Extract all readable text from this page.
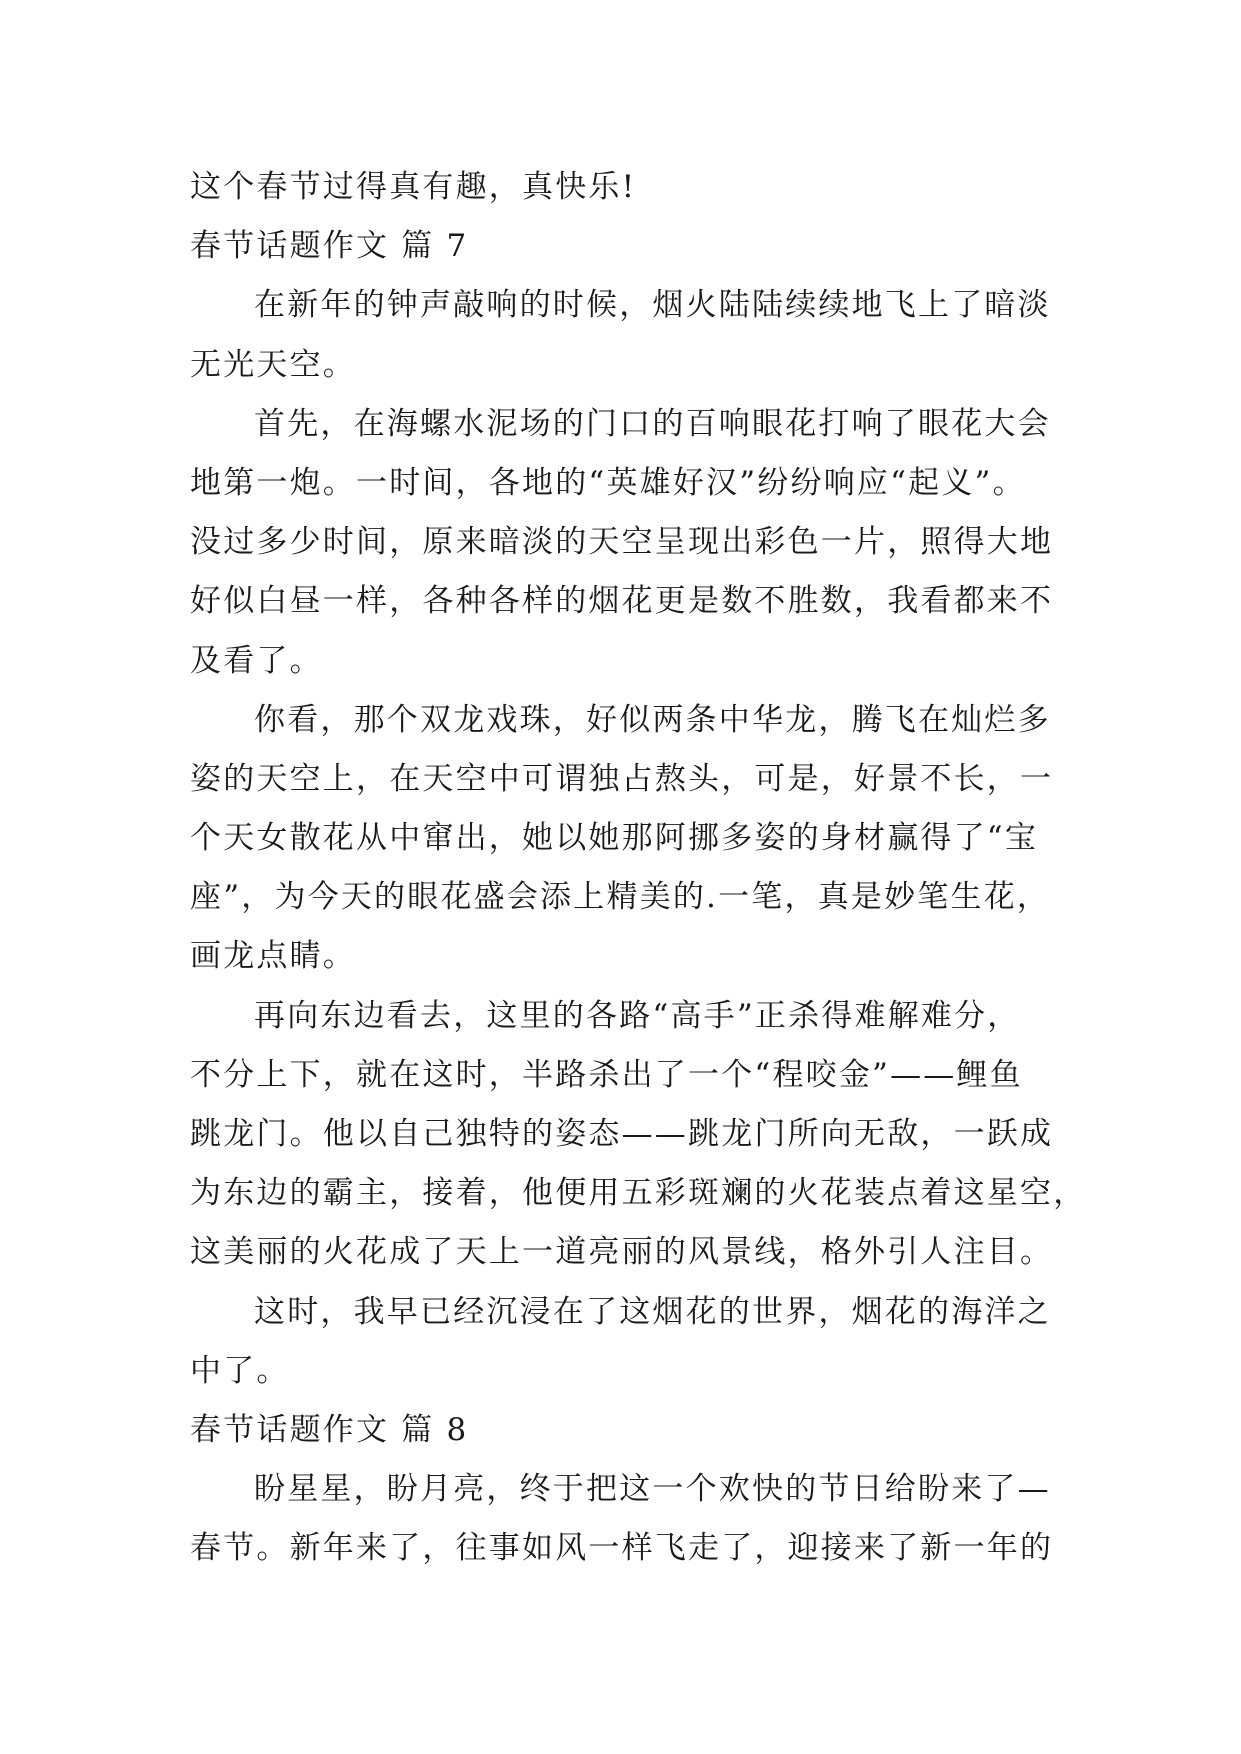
这个春节过得真有趣，真快乐!
春节话题作文 篇 7
在新年的钟声敲响的时候，烟火陆陆续续地飞上了暗淡
无光天空。
首先，在海螺水泥场的门口的百响眼花打响了眼花大会
地第一炮。一时间，各地的“英雄好汉”纷纷响应“起义”。
没过多少时间，原来暗淡的天空呈现出彩色一片，照得大地
好似白昼一样，各种各样的烟花更是数不胜数，我看都来不
及看了。
你看，那个双龙戏珠，好似两条中华龙，腾飞在灿烂多
姿的天空上，在天空中可谓独占熬头，可是，好景不长，一
个天女散花从中窜出，她以她那阿挪多姿的身材赢得了“宝
座”，为今天的眼花盛会添上精美的.一笔，真是妙笔生花，
画龙点睛。
再向东边看去，这里的各路“高手”正杀得难解难分，
不分上下，就在这时，半路杀出了一个“程咬金”——鲤鱼
跳龙门。他以自己独特的姿态——跳龙门所向无敌，一跃成
为东边的霸主，接着，他便用五彩斑斓的火花装点着这星空，
这美丽的火花成了天上一道亮丽的风景线，格外引人注目。
这时，我早已经沉浸在了这烟花的世界，烟花的海洋之
中了。
春节话题作文 篇 8
盼星星，盼月亮，终于把这一个欢快的节日给盼来了—
春节。新年来了，往事如风一样飞走了，迎接来了新一年的
